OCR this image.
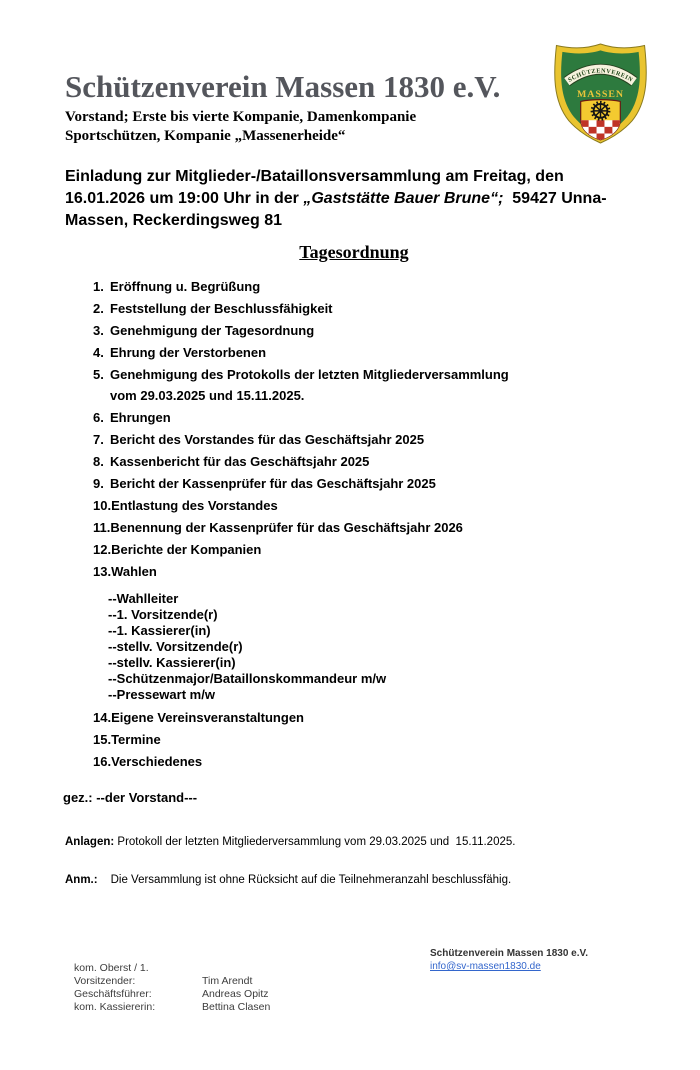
Schützenverein Massen 1830 e.V.
Vorstand; Erste bis vierte Kompanie, Damenkompanie
Sportschützen, Kompanie „Massenerheide“
SCHÜTZENVEREIN
MASSEN
Einladung zur Mitglieder-/Bataillonsversammlung am Freitag, den 16.01.2026 um 19:00 Uhr in der „Gaststätte Bauer Brune“;  59427 Unna-Massen, Reckerdingsweg 81
Tagesordnung
1. Eröffnung u. Begrüßung
2. Feststellung der Beschlussfähigkeit
3. Genehmigung der Tagesordnung
4. Ehrung der Verstorbenen
5. Genehmigung des Protokolls der letzten Mitgliederversammlung
vom 29.03.2025 und 15.11.2025.
6. Ehrungen
7. Bericht des Vorstandes für das Geschäftsjahr 2025
8. Kassenbericht für das Geschäftsjahr 2025
9. Bericht der Kassenprüfer für das Geschäftsjahr 2025
10.Entlastung des Vorstandes
11.Benennung der Kassenprüfer für das Geschäftsjahr 2026
12.Berichte der Kompanien
13.Wahlen
--Wahlleiter
--1. Vorsitzende(r)
--1. Kassierer(in)
--stellv. Vorsitzende(r)
--stellv. Kassierer(in)
--Schützenmajor/Bataillonskommandeur m/w
--Pressewart m/w
14.Eigene Vereinsveranstaltungen
15.Termine
16.Verschiedenes
gez.: --der Vorstand---
Anlagen: Protokoll der letzten Mitgliederversammlung vom 29.03.2025 und  15.11.2025.
Anm.: Die Versammlung ist ohne Rücksicht auf die Teilnehmeranzahl beschlussfähig.
kom. Oberst / 1. Vorsitzender:	Tim Arendt
Geschäftsführer:	Andreas Opitz
kom. Kassiererin:	Bettina Clasen
Schützenverein Massen 1830 e.V.
info@sv-massen1830.de
